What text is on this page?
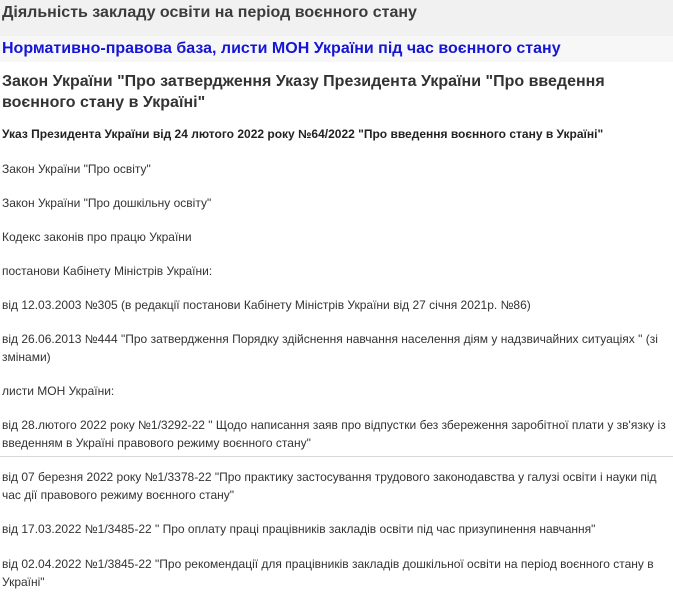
Діяльність закладу освіти на період воєнного стану
Нормативно-правова база, листи МОН України під час воєнного стану
Закон України "Про затвердження Указу Президента України "Про введення воєнного стану в Україні"
Указ Президента України від 24 лютого 2022 року №64/2022 "Про введення воєнного стану в Україні"
Закон України "Про освіту"
Закон України "Про дошкільну освіту"
Кодекс законів про працю України
постанови Кабінету Міністрів України:
від 12.03.2003 №305 (в редакції постанови Кабінету Міністрів України від 27 січня 2021р. №86)
від 26.06.2013 №444 "Про затвердження Порядку здійснення навчання населення діям у надзвичайних ситуаціях " (зі змінами)
листи МОН України:
від 28.лютого 2022 року №1/3292-22 " Щодо написання заяв про відпустки без збереження заробітної плати у зв'язку із введенням в Україні правового режиму воєнного стану"
від 07 березня 2022 року №1/3378-22 "Про практику застосування трудового законодавства у галузі освіти і науки під час дії правового режиму воєнного стану"
від 17.03.2022 №1/3485-22 " Про оплату праці працівників закладів освіти під час призупинення навчання"
від 02.04.2022 №1/3845-22 "Про рекомендації для працівників закладів дошкільної освіти на період воєнного стану в Україні"
